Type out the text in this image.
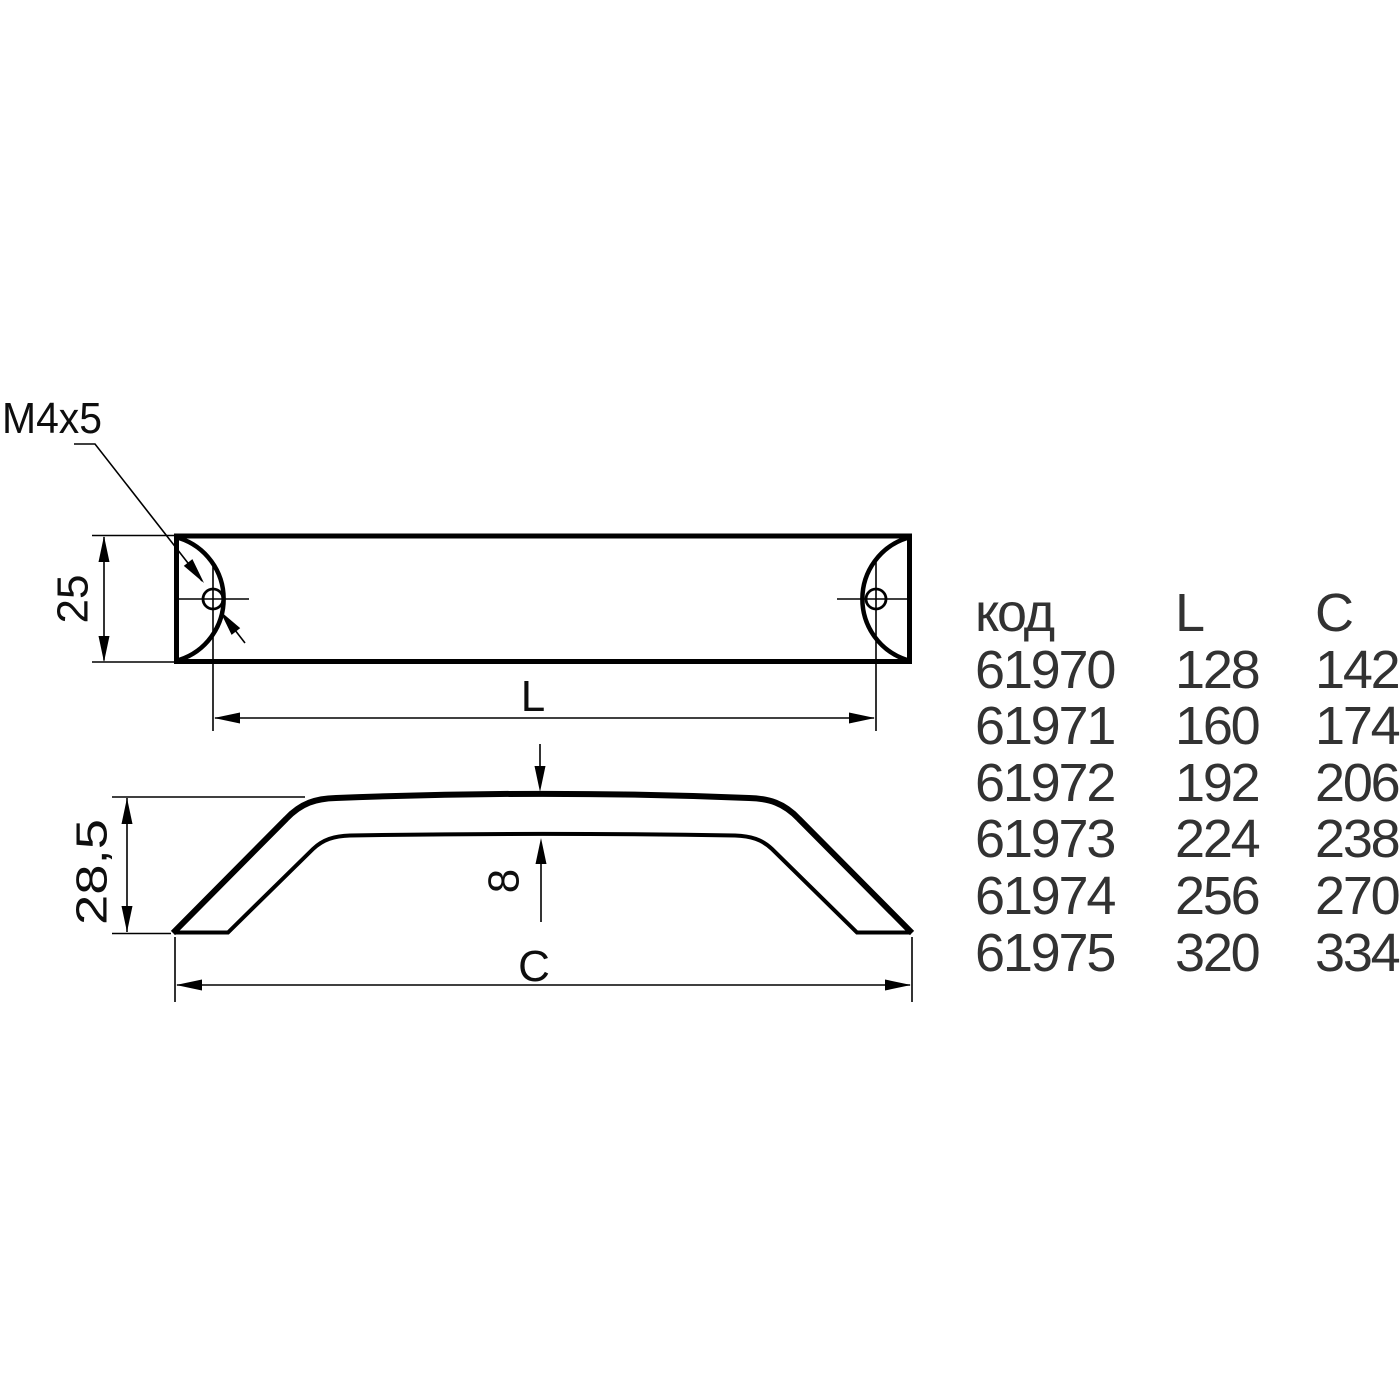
M4x5
25
L
28,5	8
C
код	L	C
61970	128	142
61971	160	174
61972	192	206
61973	224	238
61974	256	270
61975	320	334
